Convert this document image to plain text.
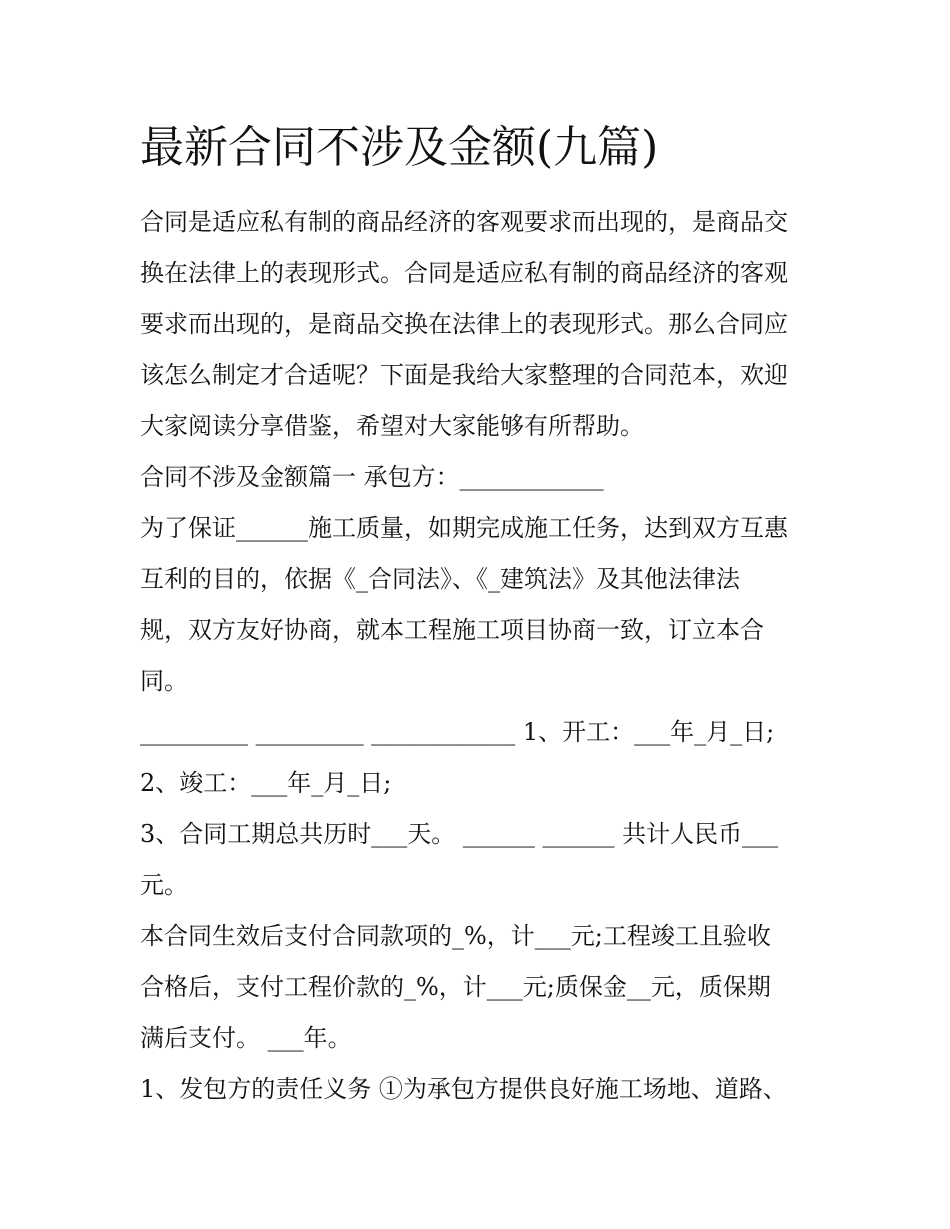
最新合同不涉及金额(九篇)

合同是适应私有制的商品经济的客观要求而出现的，是商品交

换在法律上的表现形式。合同是适应私有制的商品经济的客观

要求而出现的，是商品交换在法律上的表现形式。那么合同应

该怎么制定才合适呢？下面是我给大家整理的合同范本，欢迎

大家阅读分享借鉴，希望对大家能够有所帮助。

合同不涉及金额篇一 承包方：____________

为了保证______施工质量，如期完成施工任务，达到双方互惠

互利的目的，依据《_合同法》、《_建筑法》及其他法律法

规，双方友好协商，就本工程施工项目协商一致，订立本合

同。

_________ _________ ____________ 1、开工：___年_月_日;

2、竣工：___年_月_日;

3、合同工期总共历时___天。 ______ ______ 共计人民币___

元。

本合同生效后支付合同款项的_%，计___元;工程竣工且验收

合格后，支付工程价款的_%，计___元;质保金__元，质保期

满后支付。 ___年。

1、发包方的责任义务 ①为承包方提供良好施工场地、道路、
